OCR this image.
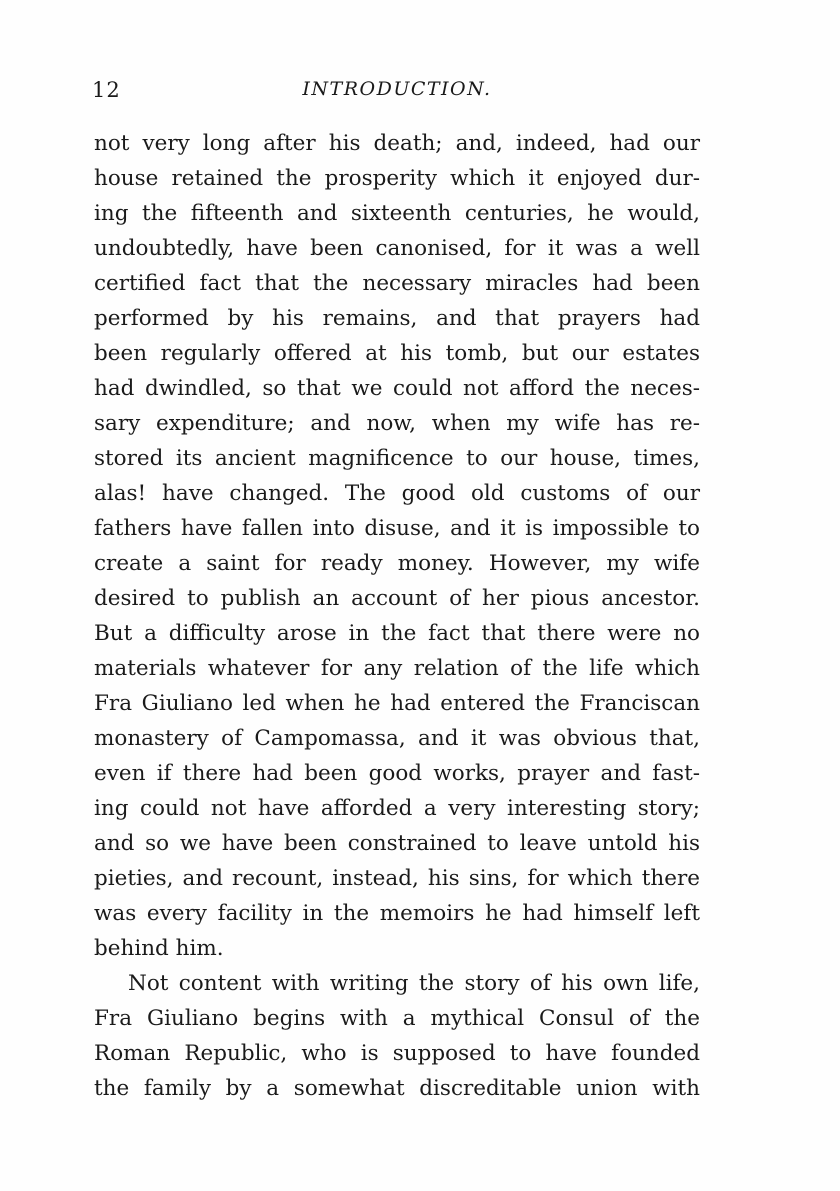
12	INTRODUCTION.
not very long after his death; and, indeed, had our
house retained the prosperity which it enjoyed dur-
ing the fifteenth and sixteenth centuries, he would,
undoubtedly, have been canonised, for it was a well
certified fact that the necessary miracles had been
performed by his remains, and that prayers had
been regularly offered at his tomb, but our estates
had dwindled, so that we could not afford the neces-
sary expenditure; and now, when my wife has re-
stored its ancient magnificence to our house, times,
alas! have changed. The good old customs of our
fathers have fallen into disuse, and it is impossible to
create a saint for ready money. However, my wife
desired to publish an account of her pious ancestor.
But a difficulty arose in the fact that there were no
materials whatever for any relation of the life which
Fra Giuliano led when he had entered the Franciscan
monastery of Campomassa, and it was obvious that,
even if there had been good works, prayer and fast-
ing could not have afforded a very interesting story;
and so we have been constrained to leave untold his
pieties, and recount, instead, his sins, for which there
was every facility in the memoirs he had himself left
behind him.
Not content with writing the story of his own life,
Fra Giuliano begins with a mythical Consul of the
Roman Republic, who is supposed to have founded
the family by a somewhat discreditable union with
